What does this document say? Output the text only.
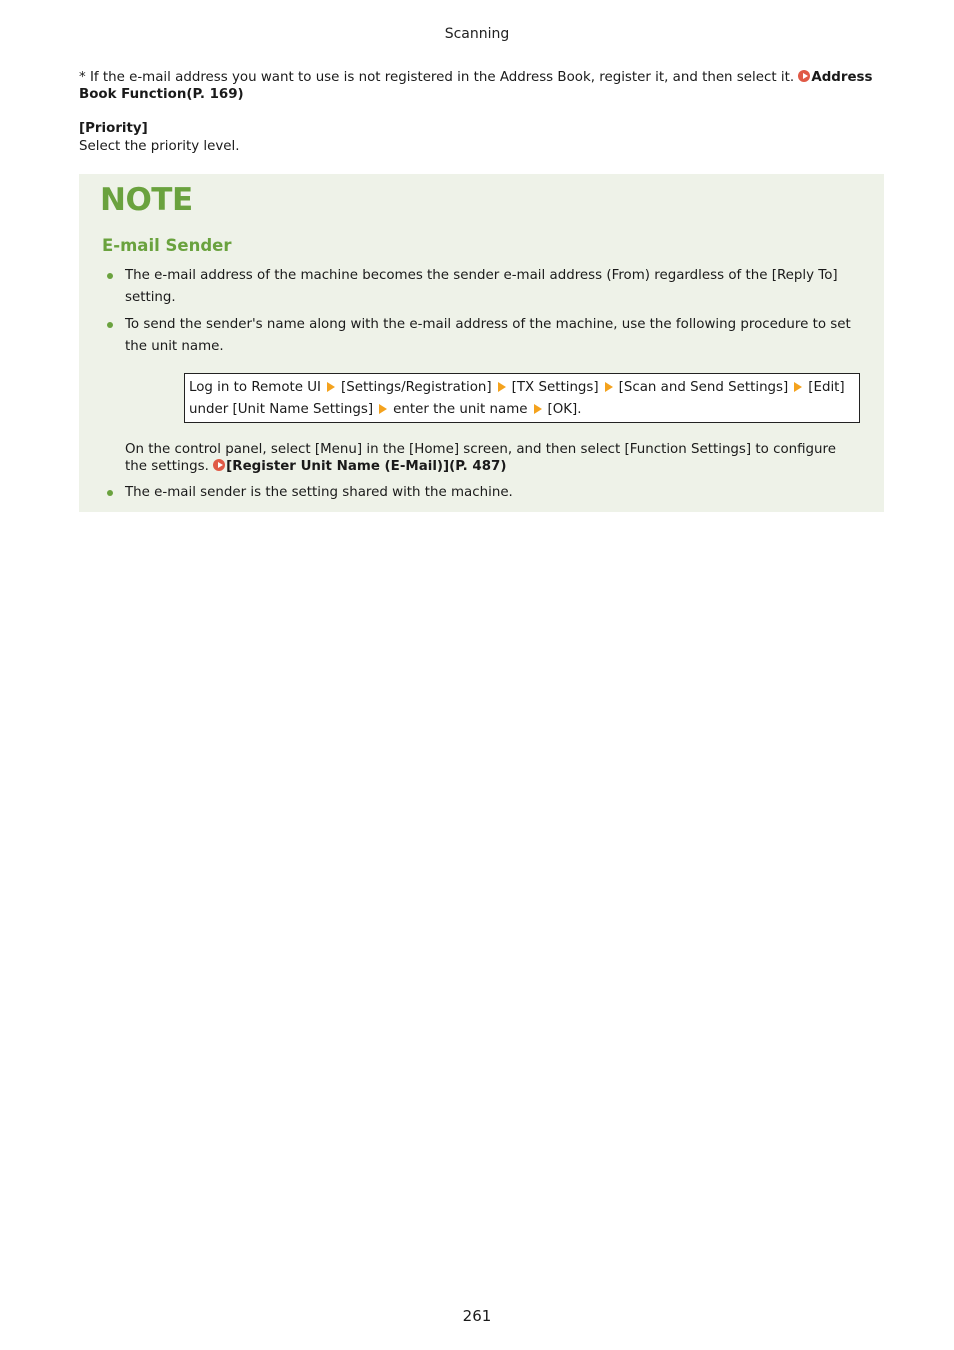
Scanning
* If the e-mail address you want to use is not registered in the Address Book, register it, and then select it. Address
Book Function(P. 169)
[Priority]
Select the priority level.
NOTE
E-mail Sender
The e-mail address of the machine becomes the sender e-mail address (From) regardless of the [Reply To]
setting.
To send the sender's name along with the e-mail address of the machine, use the following procedure to set
the unit name.
Log in to Remote UI [Settings/Registration] [TX Settings] [Scan and Send Settings] [Edit]
under [Unit Name Settings] enter the unit name [OK].
On the control panel, select [Menu] in the [Home] screen, and then select [Function Settings] to configure
the settings. [Register Unit Name (E-Mail)](P. 487)
The e-mail sender is the setting shared with the machine.
261
